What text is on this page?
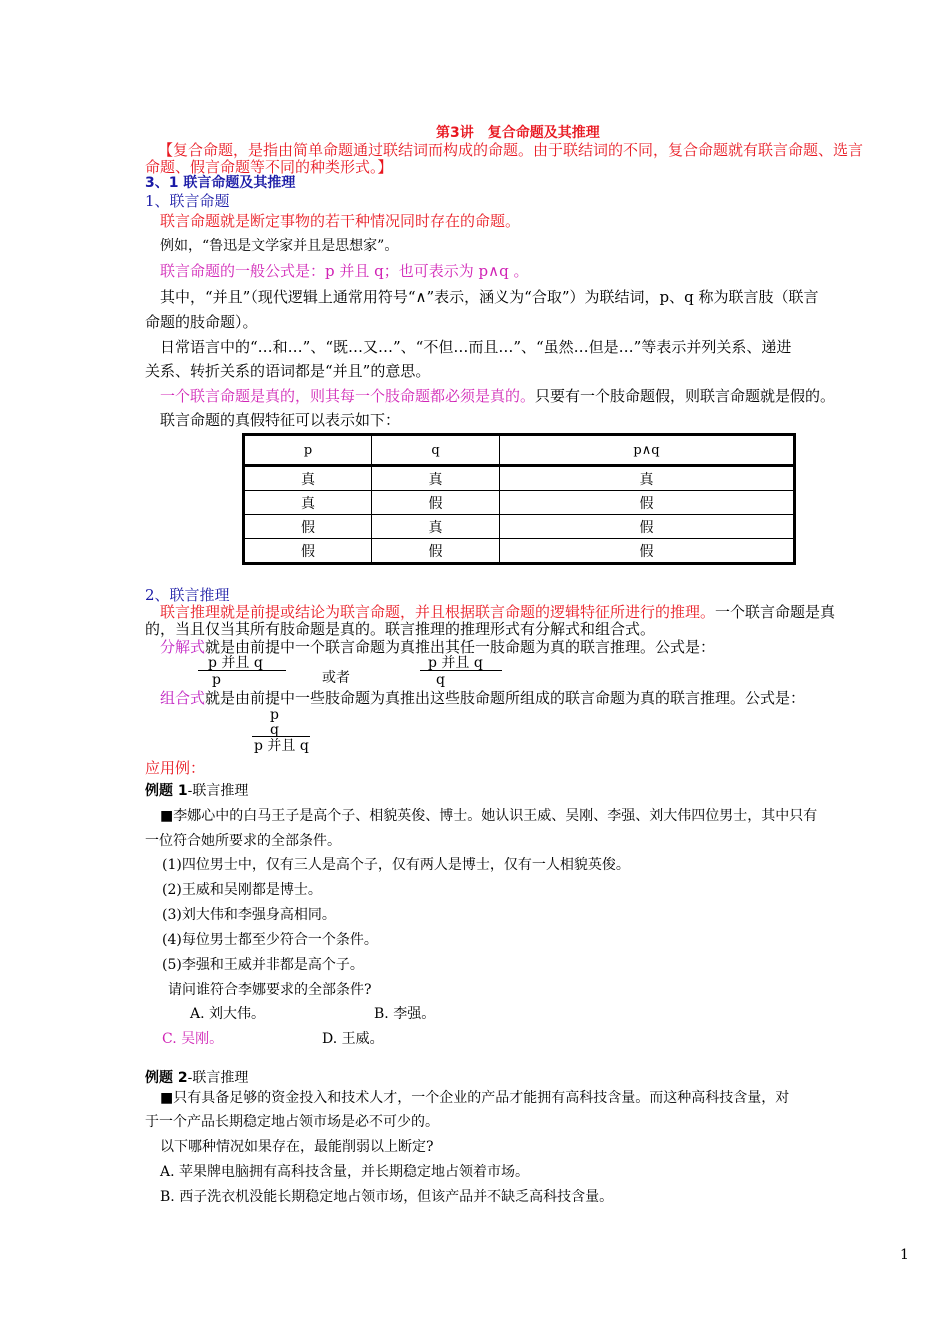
第3讲　复合命题及其推理
【复合命题，是指由简单命题通过联结词而构成的命题。由于联结词的不同，复合命题就有联言命题、选言
命题、假言命题等不同的种类形式。】
3、1 联言命题及其推理
1、联言命题
联言命题就是断定事物的若干种情况同时存在的命题。
例如，“鲁迅是文学家并且是思想家”。
联言命题的一般公式是：p 并且 q；也可表示为 p∧q 。
其中，“并且”（现代逻辑上通常用符号“∧”表示，涵义为“合取”）为联结词，p、q 称为联言肢（联言
命题的肢命题）。
日常语言中的“…和…”、“既…又…”、“不但…而且…”、“虽然…但是…”等表示并列关系、递进
关系、转折关系的语词都是“并且”的意思。
一个联言命题是真的，则其每一个肢命题都必须是真的。只要有一个肢命题假，则联言命题就是假的。
联言命题的真假特征可以表示如下：
p	q	p∧q
真	真	真
真	假	假
假	真	假
假	假	假
2、联言推理
联言推理就是前提或结论为联言命题，并且根据联言命题的逻辑特征所进行的推理。一个联言命题是真
的，当且仅当其所有肢命题是真的。联言推理的推理形式有分解式和组合式。
分解式就是由前提中一个联言命题为真推出其任一肢命题为真的联言推理。公式是：
p 并且 q
p	或者
p 并且 q
q
组合式就是由前提中一些肢命题为真推出这些肢命题所组成的联言命题为真的联言推理。公式是：
p
q
p 并且 q
应用例：
例题 1-联言推理
■李娜心中的白马王子是高个子、相貌英俊、博士。她认识王威、吴刚、李强、刘大伟四位男士，其中只有
一位符合她所要求的全部条件。
(1)四位男士中，仅有三人是高个子，仅有两人是博士，仅有一人相貌英俊。
(2)王威和吴刚都是博士。
(3)刘大伟和李强身高相同。
(4)每位男士都至少符合一个条件。
(5)李强和王威并非都是高个子。
请问谁符合李娜要求的全部条件?
A. 刘大伟。	B. 李强。
C. 吴刚。	D. 王威。
例题 2-联言推理
■只有具备足够的资金投入和技术人才，一个企业的产品才能拥有高科技含量。而这种高科技含量，对
于一个产品长期稳定地占领市场是必不可少的。
以下哪种情况如果存在，最能削弱以上断定?
A. 苹果牌电脑拥有高科技含量，并长期稳定地占领着市场。
B. 西子洗衣机没能长期稳定地占领市场，但该产品并不缺乏高科技含量。
1
